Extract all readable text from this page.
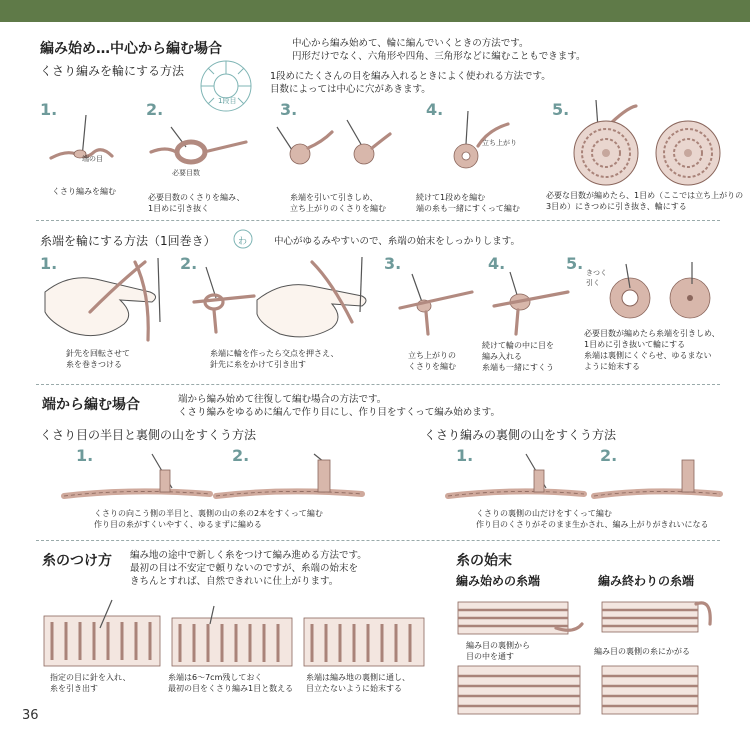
編み始め…中心から編む場合	中心から編み始めて、輪に編んでいくときの方法です。
円形だけでなく、六角形や四角、三角形などに編むこともできます。
くさり編みを輪にする方法	1段めにたくさんの目を編み入れるときによく使われる方法です。
目数によっては中心に穴があきます。
1段目
1.	2.	3.	4.	5.
端の目
くさり編みを編む
必要目数
必要目数のくさりを編み、
1目めに引き抜く
糸端を引いて引きしめ、
立ち上がりのくさりを編む
立ち上がり
続けて1段めを編む
端の糸も一緒にすくって編む
必要な目数が編めたら、1目め（ここでは立ち上がりの
3目め）にきつめに引き抜き、輪にする
糸端を輪にする方法（1回巻き） わ	中心がゆるみやすいので、糸端の始末をしっかりします。
1.	2.	3.	4.	5.
針先を回転させて
糸を巻きつける
糸端に輪を作ったら交点を押さえ、
針先に糸をかけて引き出す
立ち上がりの
くさりを編む
続けて輪の中に目を
編み入れる
糸端も一緒にすくう
きつく
引く
必要目数が編めたら糸端を引きしめ、
1目めに引き抜いて輪にする
糸端は裏側にくぐらせ、ゆるまない
ように始末する
端から編む場合	端から編み始めて往復して編む場合の方法です。
くさり編みをゆるめに編んで作り目にし、作り目をすくって編み始めます。
くさり目の半目と裏側の山をすくう方法	くさり編みの裏側の山をすくう方法
1.	2.	1.	2.
くさりの向こう側の半目と、裏側の山の糸の2本をすくって編む
作り目の糸がすくいやすく、ゆるまずに編める
くさりの裏側の山だけをすくって編む
作り目のくさりがそのまま生かされ、編み上がりがきれいになる
糸のつけ方 編み地の途中で新しく糸をつけて編み進める方法です。
最初の目は不安定で頼りないのですが、糸端の始末を
きちんとすれば、自然できれいに仕上がります。
指定の目に針を入れ、
糸を引き出す
糸端は6〜7cm残しておく
最初の目をくさり編み1目と数える
糸端は編み地の裏側に通し、
目立たないように始末する
糸の始末
編み始めの糸端	編み終わりの糸端
編み目の裏側から
目の中を通す
編み目の裏側の糸にかがる
36
